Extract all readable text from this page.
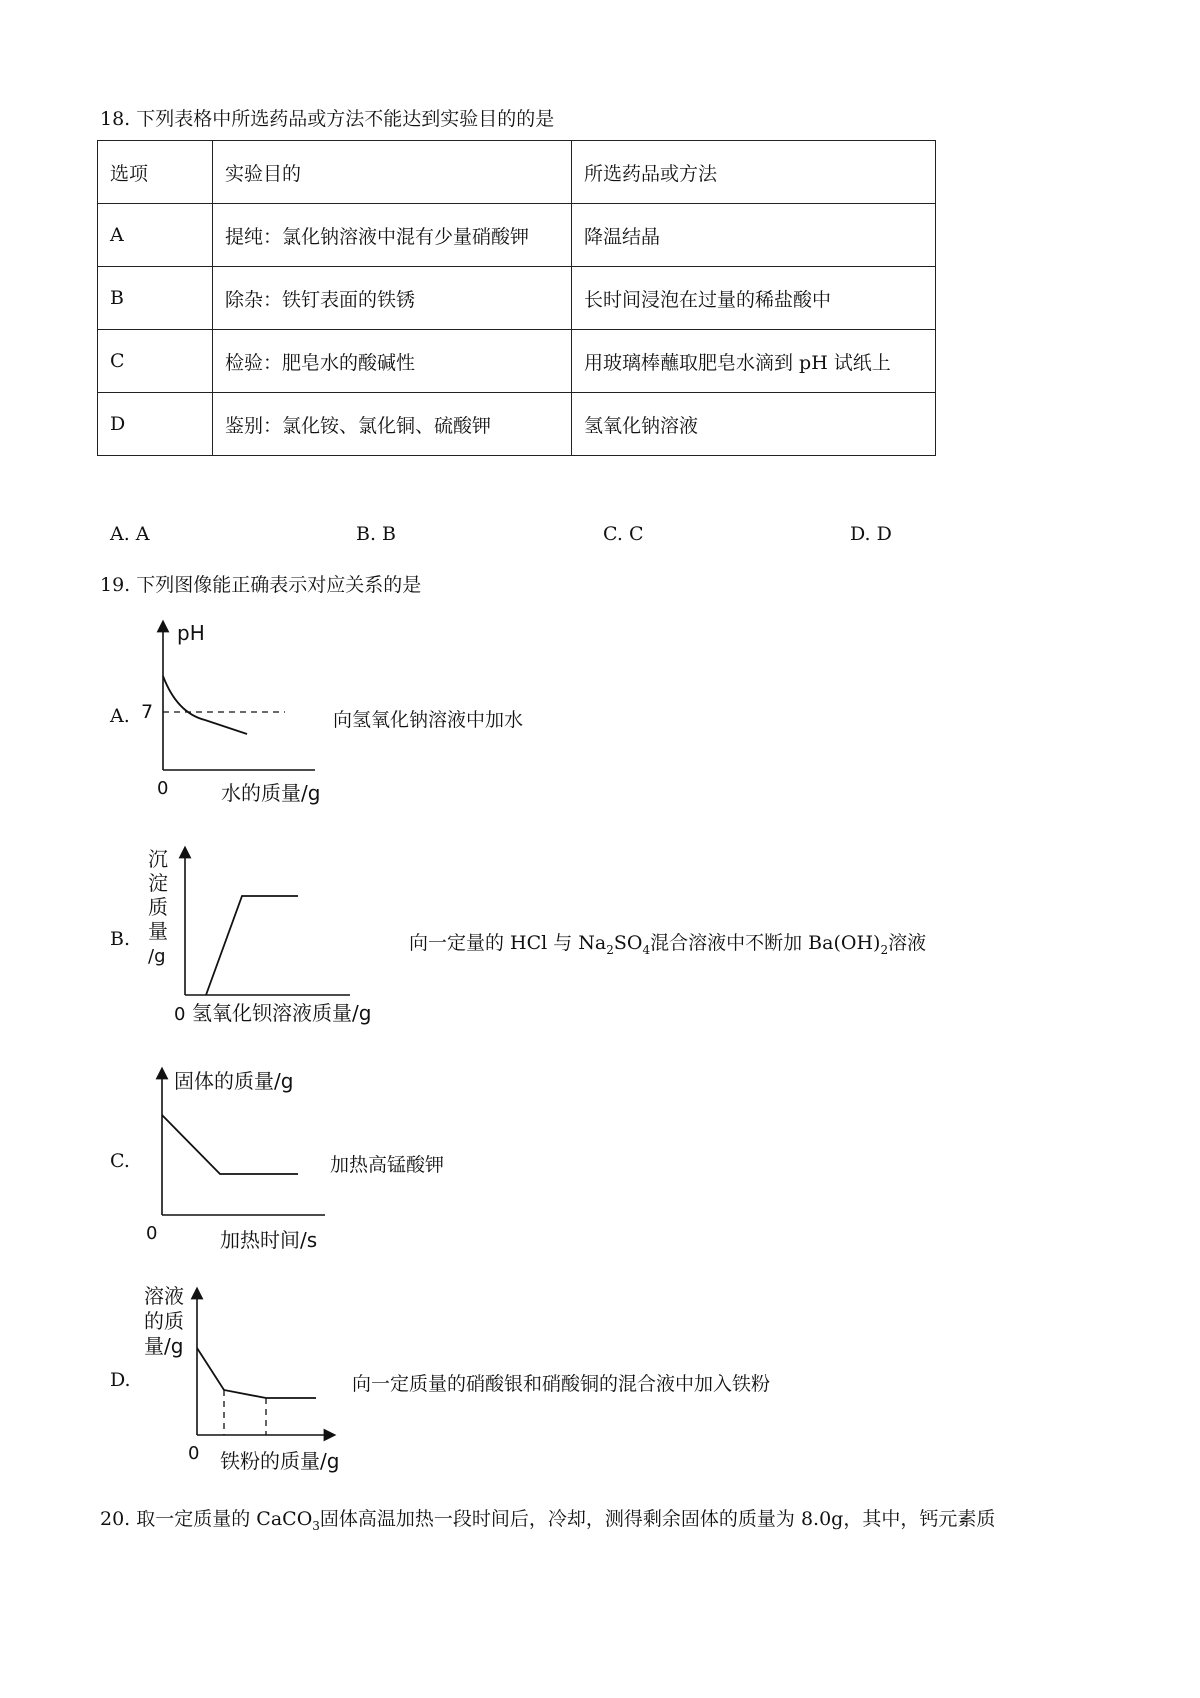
18. 下列表格中所选药品或方法不能达到实验目的的是
选项	实验目的	所选药品或方法
A	提纯：氯化钠溶液中混有少量硝酸钾	降温结晶
B	除杂：铁钉表面的铁锈	长时间浸泡在过量的稀盐酸中
C	检验：肥皂水的酸碱性	用玻璃棒蘸取肥皂水滴到 pH 试纸上
D	鉴别：氯化铵、氯化铜、硫酸钾	氢氧化钠溶液
A. A	B. B	C. C	D. D
19. 下列图像能正确表示对应关系的是
A.
pH
7
0	水的质量/g
向氢氧化钠溶液中加水
B.
沉
淀
质
量
/g
0 氢氧化钡溶液质量/g
向一定量的 HCl 与 $Na_2SO_4$混合溶液中不断加 $Ba(OH)_2$溶液
C.
固体的质量/g
0	加热时间/s
加热高锰酸钾
D.
溶液
的质
量/g
0 铁粉的质量/g
向一定质量的硝酸银和硝酸铜的混合液中加入铁粉
20. 取一定质量的 CaCO$_3$固体高温加热一段时间后，冷却，测得剩余固体的质量为 8.0g，其中，钙元素质
